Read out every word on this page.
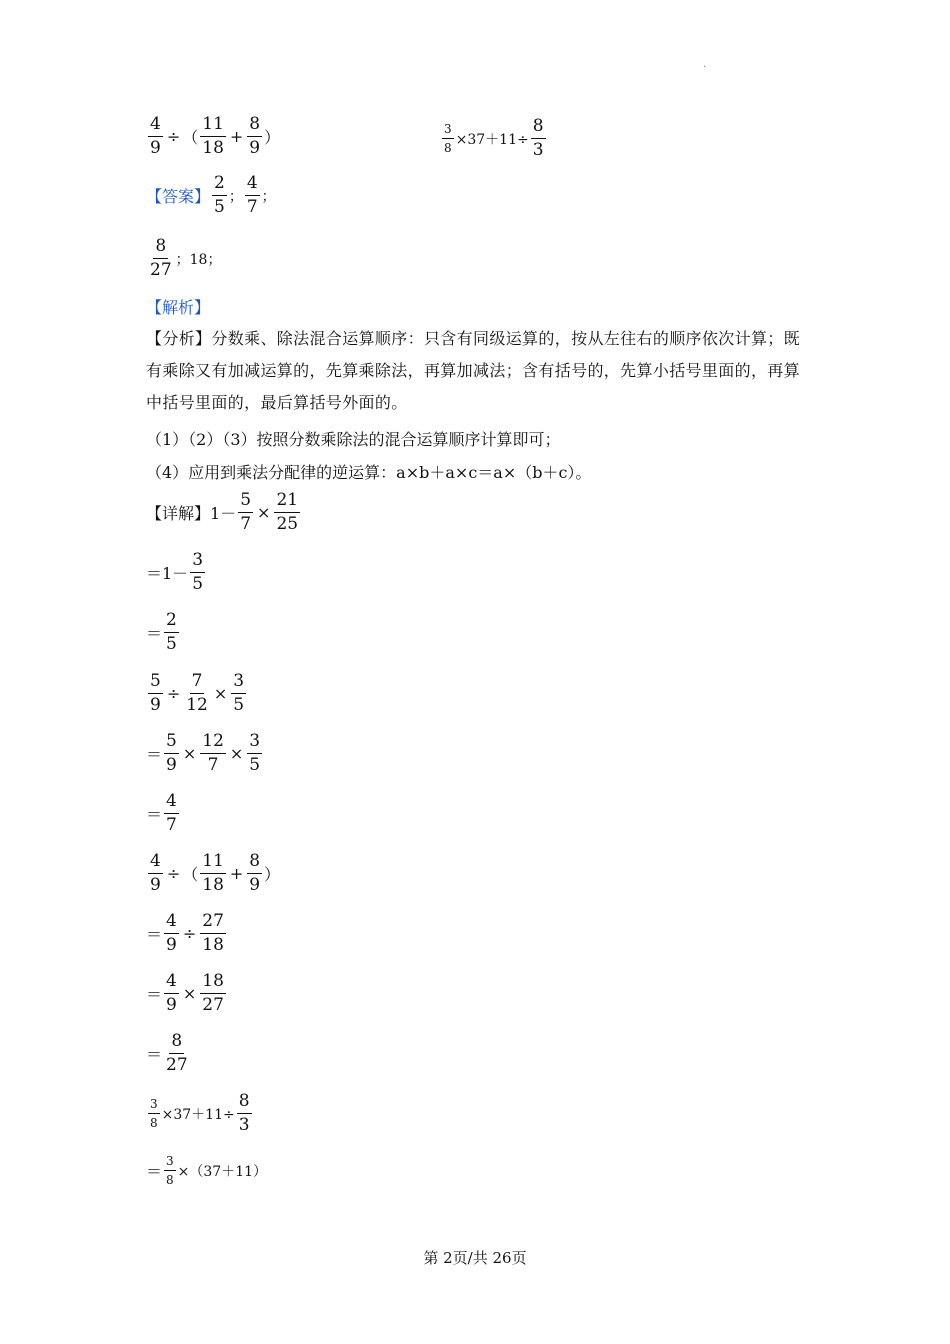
·
$\frac{4}{9}$ ÷ （
11
18
+ $\frac{8}{9}$ ）	$\frac{3}{8} \times 37+11\div \frac{8}{3}$
【答案】
2
5
；
4
7
；
8
27
； 18；
【解析】
【分析】分数乘、除法混合运算顺序：只含有同级运算的，按从左往右的顺序依次计算；既有乘除又有加减运算的，先算乘除法，再算加减法；含有括号的，先算小括号里面的，再算中括号里面的，最后算括号外面的。
（1）（2）（3）按照分数乘除法的混合运算顺序计算即可；
（4）应用到乘法分配律的逆运算：a×b＋a×c＝a×（b＋c）。
【详解】 $1- \frac{5}{7} \times \frac{21}{25}$
＝1－
3
5
＝
2
5
$\frac{5}{9} \div \frac{7}{12} \times \frac{3}{5}$
＝ $\frac{5}{9} \times \frac{12}{7} \times \frac{3}{5}$
＝
4
7
$\frac{4}{9}$ ÷ （
11
18
+ $\frac{8}{9}$ ）
＝ $\frac{4}{9} \div \frac{27}{18}$
＝ $\frac{4}{9} \times \frac{18}{27}$
＝
8
27
$\frac{3}{8} \times 37+11\div \frac{8}{3}$
＝ $\frac{3}{8} \times(37+11)$
第 2页/共 26页
